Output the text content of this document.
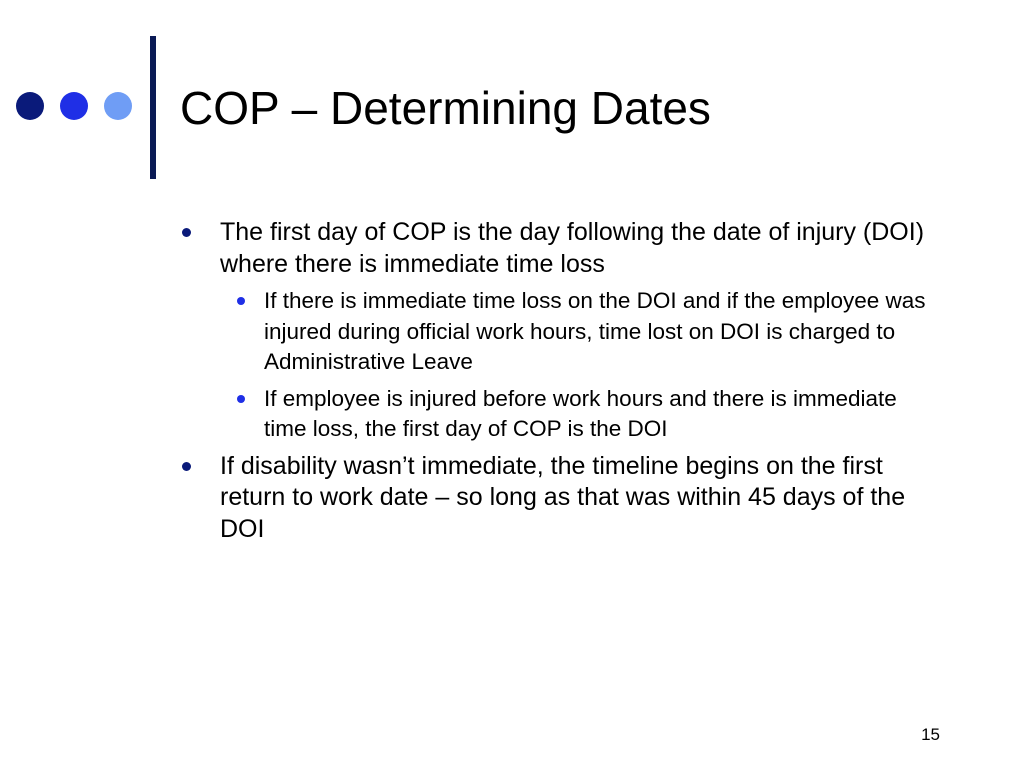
COP – Determining Dates
The first day of COP is the day following the date of injury (DOI) where there is immediate time loss
If there is immediate time loss on the DOI and if the employee was injured during official work hours, time lost on DOI is charged to Administrative Leave
If employee is injured before work hours and there is immediate time loss, the first day of COP is the DOI
If disability wasn’t immediate, the timeline begins on the first return to work date – so long as that was within 45 days of the DOI
15
